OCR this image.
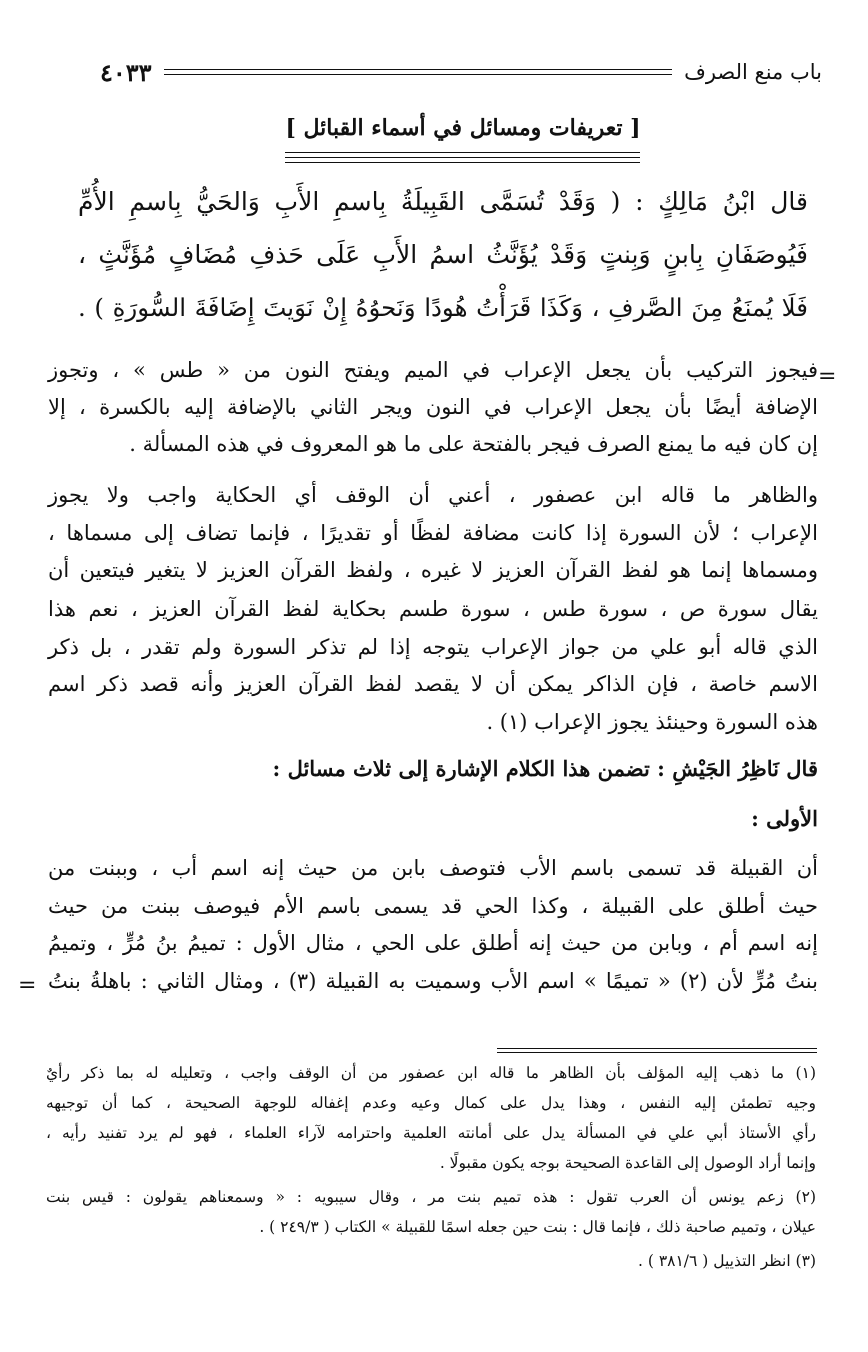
باب منع الصرف
٤٠٣٣
[ تعريفات ومسائل في أسماء القبائل ]
قال ابْنُ مَالِكٍ : ( وَقَدْ تُسَمَّى القَبِيلَةُ بِاسمِ الأَبِ وَالحَيُّ بِاسمِ الأُمِّ
فَيُوصَفَانِ بِابنٍ وَبِنتٍ وَقَدْ يُؤَنَّثُ اسمُ الأَبِ عَلَى حَذفِ مُضَافٍ مُؤَنَّثٍ ،
فَلَا يُمنَعُ مِنَ الصَّرفِ ، وَكَذَا قَرَأْتُ هُودًا وَنَحوُهُ إِنْ نَوَيتَ إِضَافَةَ السُّورَةِ ) .
=
فيجوز التركيب بأن يجعل الإعراب في الميم ويفتح النون من « طس » ، وتجوز
الإضافة أيضًا بأن يجعل الإعراب في النون ويجر الثاني بالإضافة إليه بالكسرة ، إلا
إن كان فيه ما يمنع الصرف فيجر بالفتحة على ما هو المعروف في هذه المسألة .
والظاهر ما قاله ابن عصفور ، أعني أن الوقف أي الحكاية واجب ولا يجوز
الإعراب ؛ لأن السورة إذا كانت مضافة لفظًا أو تقديرًا ، فإنما تضاف إلى مسماها ،
ومسماها إنما هو لفظ القرآن العزيز لا غيره ، ولفظ القرآن العزيز لا يتغير فيتعين أن
يقال سورة ص ، سورة طس ، سورة طسم بحكاية لفظ القرآن العزيز ، نعم هذا
الذي قاله أبو علي من جواز الإعراب يتوجه إذا لم تذكر السورة ولم تقدر ، بل ذكر
الاسم خاصة ، فإن الذاكر يمكن أن لا يقصد لفظ القرآن العزيز وأنه قصد ذكر اسم
هذه السورة وحينئذ يجوز الإعراب (١) .
قال نَاظِرُ الجَيْشِ : تضمن هذا الكلام الإشارة إلى ثلاث مسائل :
الأولى :
أن القبيلة قد تسمى باسم الأب فتوصف بابن من حيث إنه اسم أب ، وببنت من
حيث أطلق على القبيلة ، وكذا الحي قد يسمى باسم الأم فيوصف ببنت من حيث
إنه اسم أم ، وبابن من حيث إنه أطلق على الحي ، مثال الأول : تميمُ بنُ مُرٍّ ، وتميمُ
بنتُ مُرٍّ لأن (٢) « تميمًا » اسم الأب وسميت به القبيلة (٣) ، ومثال الثاني : باهلةُ بنتُ
=
(١) ما ذهب إليه المؤلف بأن الظاهر ما قاله ابن عصفور من أن الوقف واجب ، وتعليله له بما ذكر رأيٌ
وجيه تطمئن إليه النفس ، وهذا يدل على كمال وعيه وعدم إغفاله للوجهة الصحيحة ، كما أن توجيهه
رأي الأستاذ أبي علي في المسألة يدل على أمانته العلمية واحترامه لآراء العلماء ، فهو لم يرد تفنيد رأيه ،
وإنما أراد الوصول إلى القاعدة الصحيحة بوجه يكون مقبولًا .
(٢) زعم يونس أن العرب تقول : هذه تميم بنت مر ، وقال سيبويه : « وسمعناهم يقولون : قيس بنت
عيلان ، وتميم صاحبة ذلك ، فإنما قال : بنت حين جعله اسمًا للقبيلة » الكتاب ( ٢٤٩/٣ ) .
(٣) انظر التذييل ( ٣٨١/٦ ) .
